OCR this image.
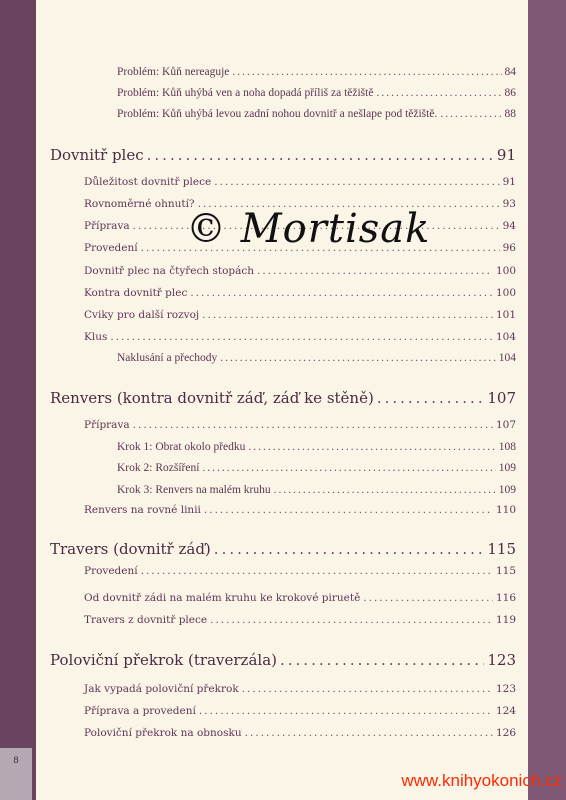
8
Problém: Kůň nereaguje .....	84
Problém: Kůň uhýbá ven a noha dopadá příliš za těžiště .....	86
Problém: Kůň uhýbá levou zadní nohou dovnitř a nešlape pod těžiště. .....	88
Dovnitř plec .....	91
Důležitost dovnitř plece .....	91
Rovnoměrné ohnutí? .....	93
Příprava .....	94
Provedení .....	96
Dovnitř plec na čtyřech stopách .....	100
Kontra dovnitř plec .....	100
Cviky pro další rozvoj .....	101
Klus .....	104
Naklusání a přechody .....	104
Renvers (kontra dovnitř záď, záď ke stěně) .....	107
Příprava .....	107
Krok 1: Obrat okolo předku .....	108
Krok 2: Rozšíření .....	109
Krok 3: Renvers na malém kruhu .....	109
Renvers na rovné linii .....	110
Travers (dovnitř záď) .....	115
Provedení .....	115
Od dovnitř zádi na malém kruhu ke krokové piruetě .....	116
Travers z dovnitř plece .....	119
Poloviční překrok (traverzála) .....	123
Jak vypadá poloviční překrok .....	123
Příprava a provedení .....	124
Poloviční překrok na obnosku .....	126
© Mortisak
www.knihyokonich.cz
